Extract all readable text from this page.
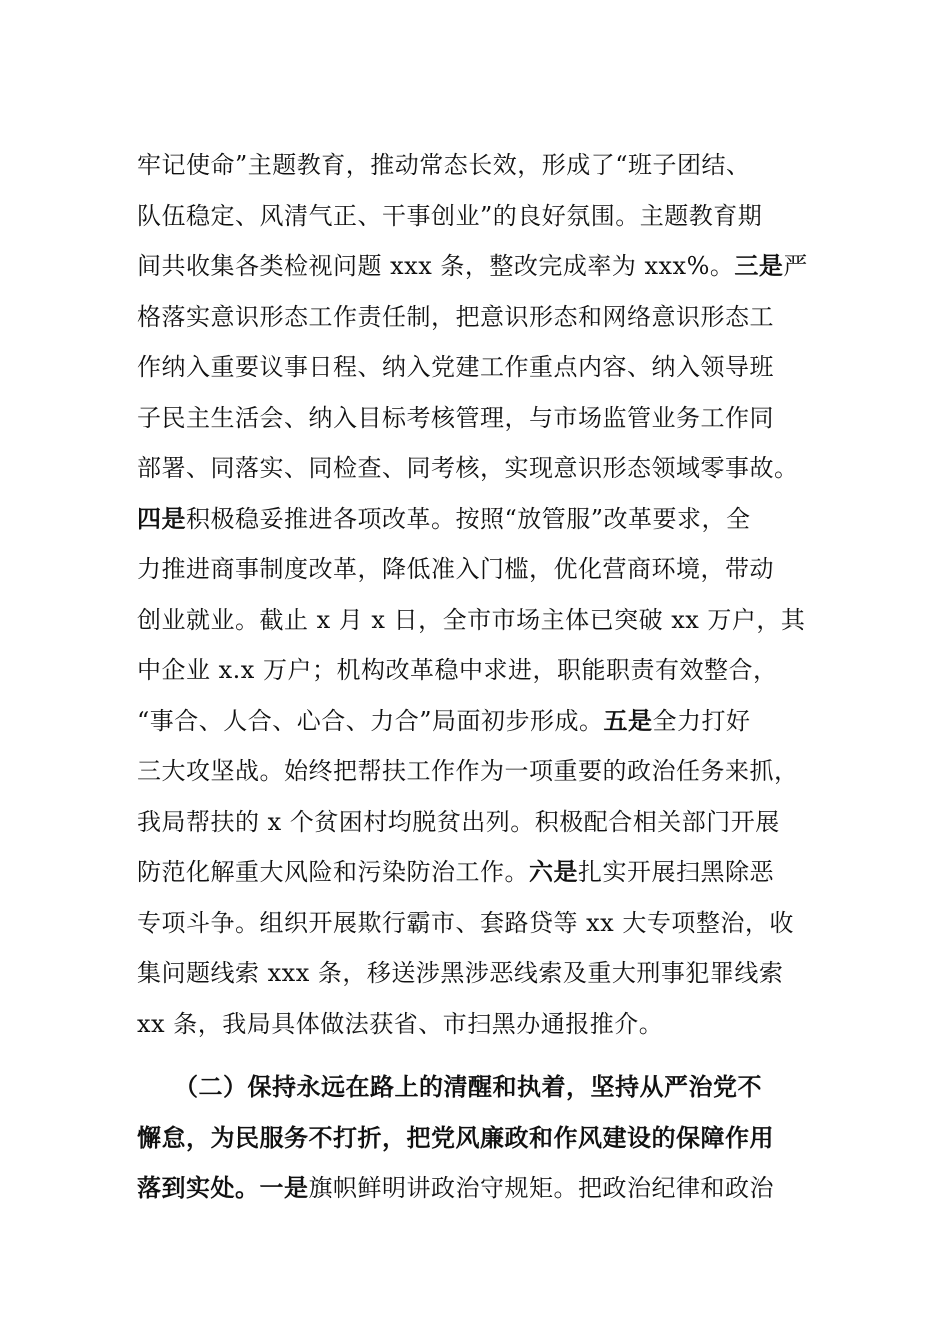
牢记使命”主题教育，推动常态长效，形成了“班子团结、
队伍稳定、风清气正、干事创业”的良好氛围。主题教育期
间共收集各类检视问题 xxx 条，整改完成率为 xxx%。三是严
格落实意识形态工作责任制，把意识形态和网络意识形态工
作纳入重要议事日程、纳入党建工作重点内容、纳入领导班
子民主生活会、纳入目标考核管理，与市场监管业务工作同
部署、同落实、同检查、同考核，实现意识形态领域零事故。
四是积极稳妥推进各项改革。按照“放管服”改革要求，全
力推进商事制度改革，降低准入门槛，优化营商环境，带动
创业就业。截止 x 月 x 日，全市市场主体已突破 xx 万户，其
中企业 x.x 万户；机构改革稳中求进，职能职责有效整合，
“事合、人合、心合、力合”局面初步形成。五是全力打好
三大攻坚战。始终把帮扶工作作为一项重要的政治任务来抓，
我局帮扶的 x 个贫困村均脱贫出列。积极配合相关部门开展
防范化解重大风险和污染防治工作。六是扎实开展扫黑除恶
专项斗争。组织开展欺行霸市、套路贷等 xx 大专项整治，收
集问题线索 xxx 条，移送涉黑涉恶线索及重大刑事犯罪线索
xx 条，我局具体做法获省、市扫黑办通报推介。
　　（二）保持永远在路上的清醒和执着，坚持从严治党不
懈怠，为民服务不打折，把党风廉政和作风建设的保障作用
落到实处。一是旗帜鲜明讲政治守规矩。把政治纪律和政治
